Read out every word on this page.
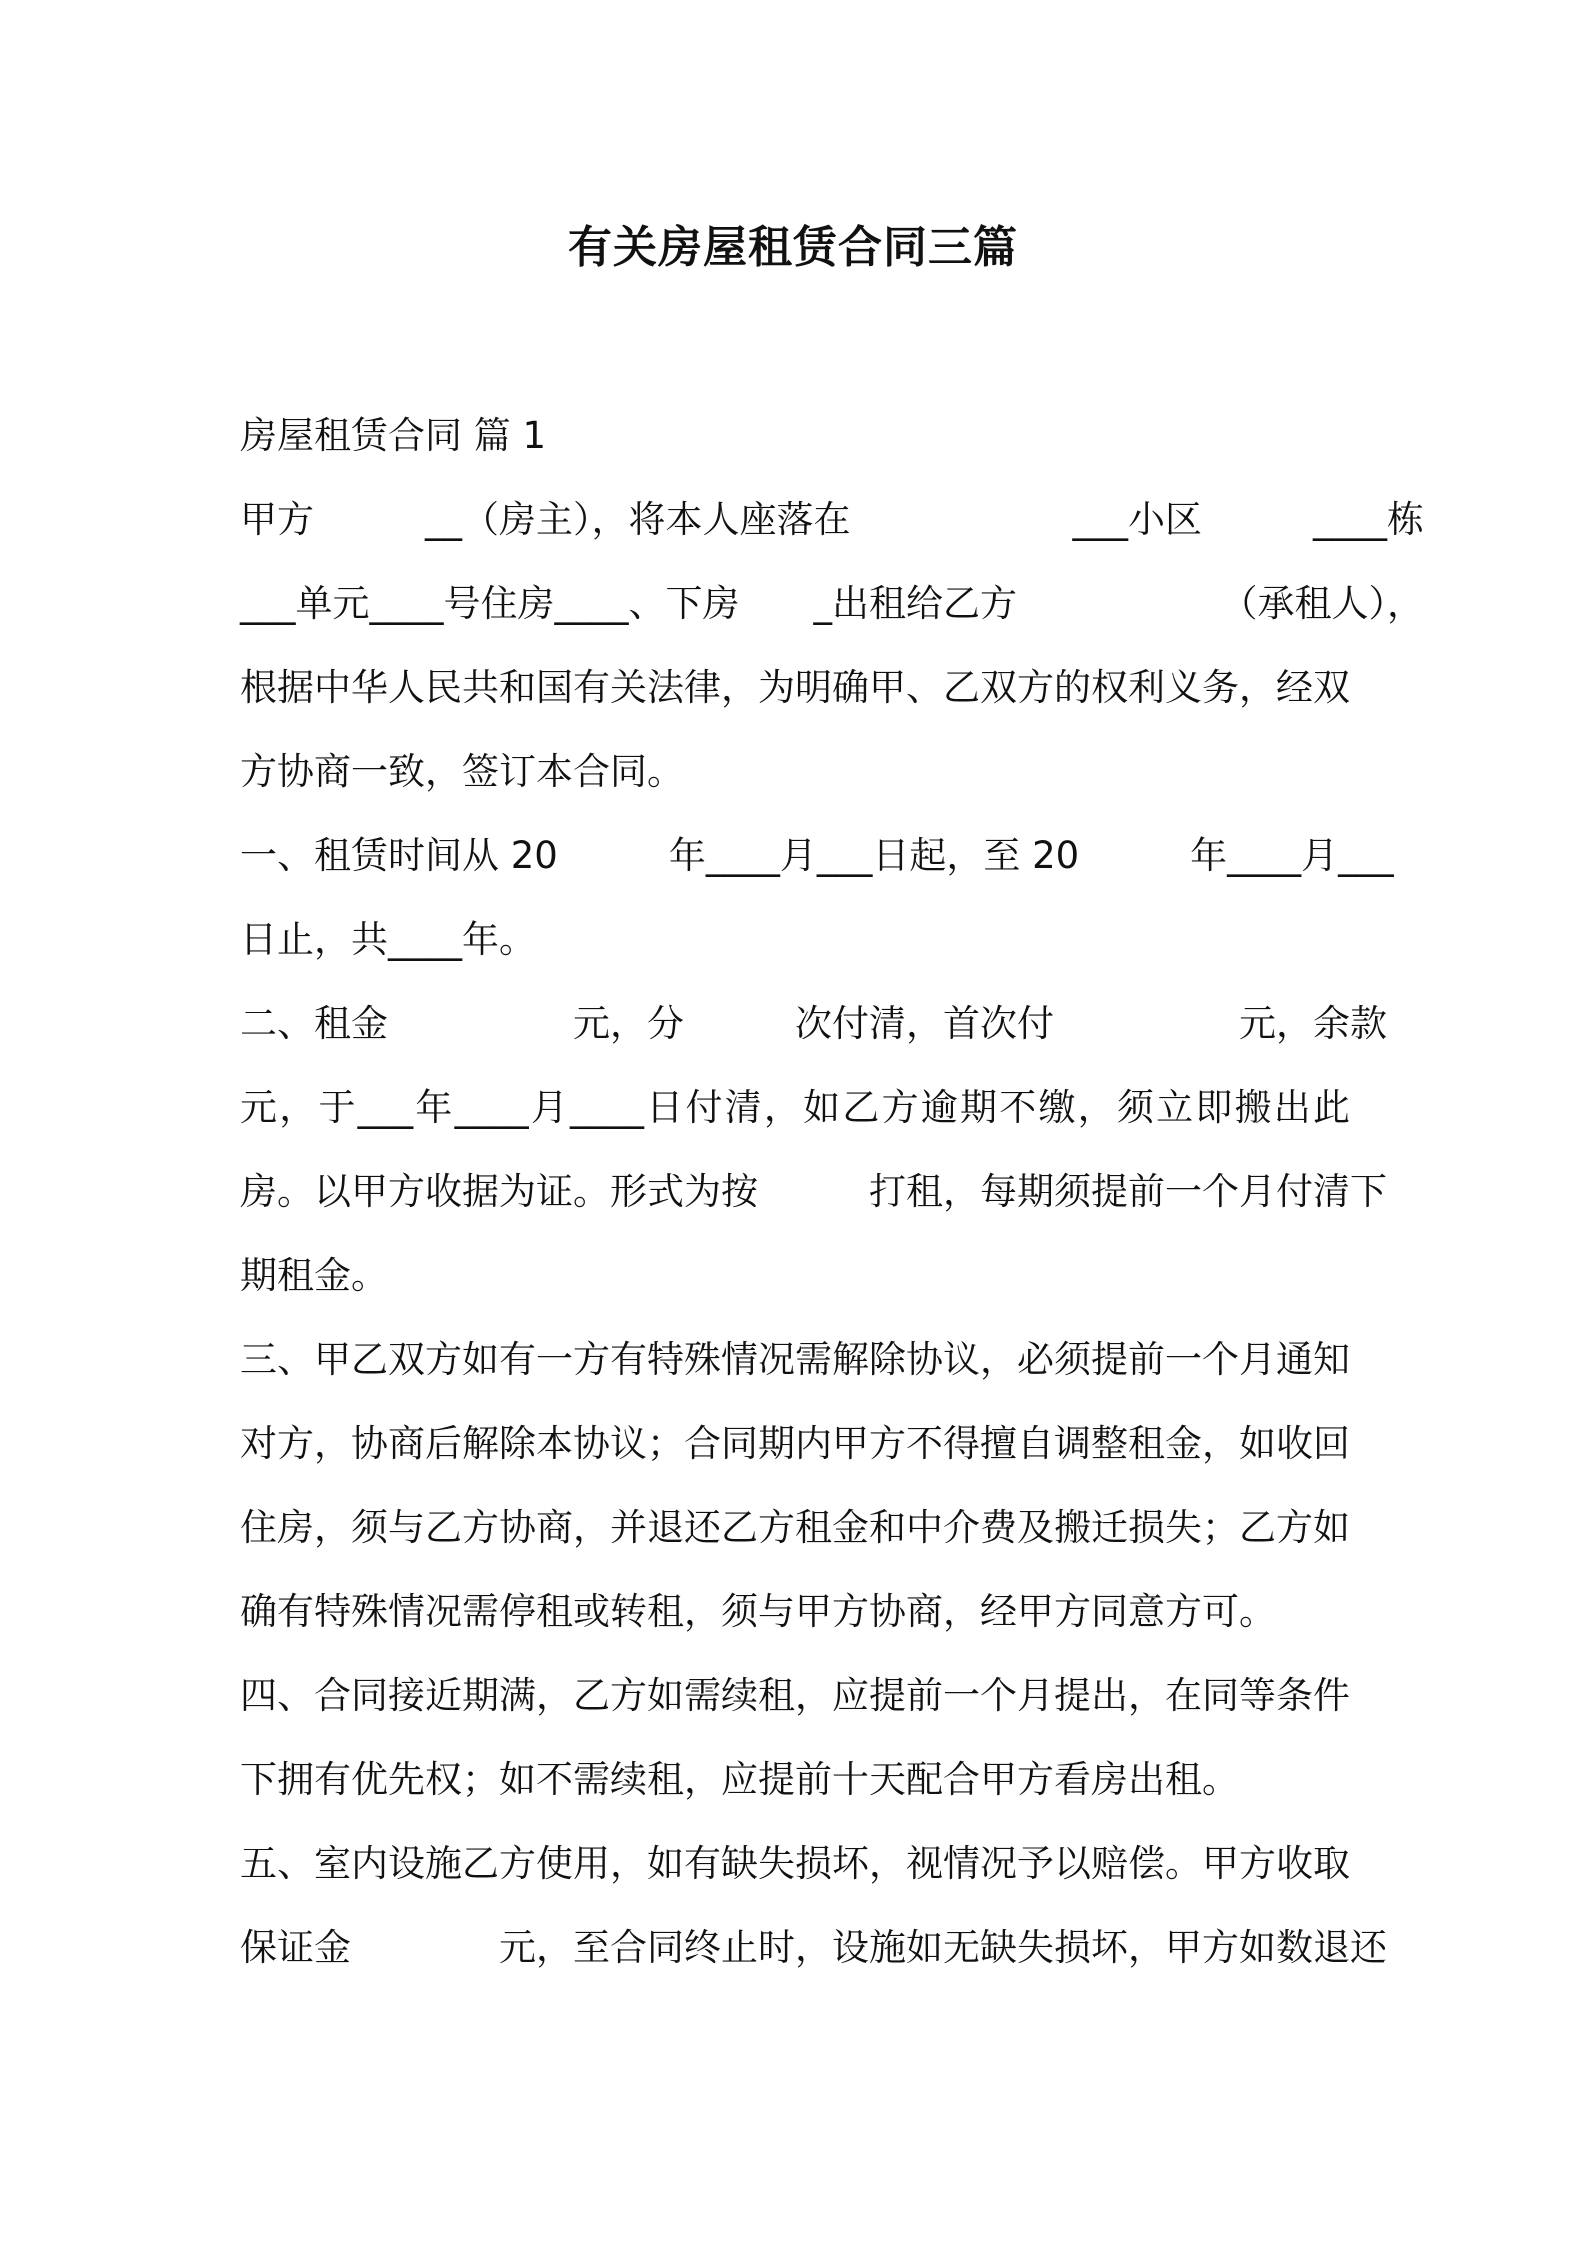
有关房屋租赁合同三篇
房屋租赁合同 篇 1
甲方　　　__（房主），将本人座落在　　　　　　___小区　　　____栋
___单元____号住房____、下房　　_出租给乙方　　　　　　（承租人），
根据中华人民共和国有关法律，为明确甲、乙双方的权利义务，经双
方协商一致，签订本合同。
一、租赁时间从 20　　　年____月___日起，至 20　　　年____月___
日止，共____年。
二、租金　　　　　元，分　　　次付清，首次付　　　　　元，余款
元，于___年____月____日付清，如乙方逾期不缴，须立即搬出此
房。以甲方收据为证。形式为按　　　打租，每期须提前一个月付清下
期租金。
三、甲乙双方如有一方有特殊情况需解除协议，必须提前一个月通知
对方，协商后解除本协议；合同期内甲方不得擅自调整租金，如收回
住房，须与乙方协商，并退还乙方租金和中介费及搬迁损失；乙方如
确有特殊情况需停租或转租，须与甲方协商，经甲方同意方可。
四、合同接近期满，乙方如需续租，应提前一个月提出，在同等条件
下拥有优先权；如不需续租，应提前十天配合甲方看房出租。
五、室内设施乙方使用，如有缺失损坏，视情况予以赔偿。甲方收取
保证金　　　　元，至合同终止时，设施如无缺失损坏，甲方如数退还
